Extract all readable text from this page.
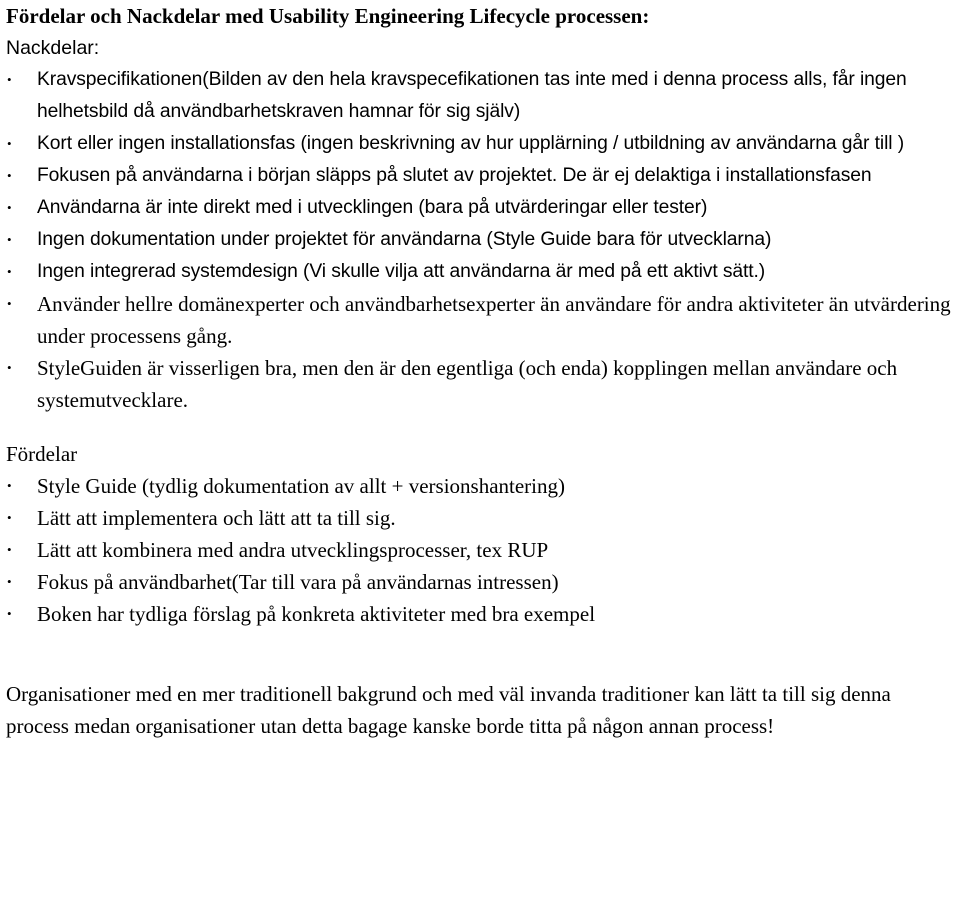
Fördelar och Nackdelar med Usability Engineering Lifecycle processen:

Nackdelar:

• Kravspecifikationen(Bilden av den hela kravspecefikationen tas inte med i denna process alls, får ingen helhetsbild då användbarhetskraven hamnar för sig själv)
• Kort eller ingen installationsfas (ingen beskrivning av hur upplärning / utbildning av användarna går till )
• Fokusen på användarna i början släpps på slutet av projektet. De är ej delaktiga i installationsfasen
• Användarna är inte direkt med i utvecklingen (bara på utvärderingar eller tester)
• Ingen dokumentation under projektet för användarna (Style Guide bara för utvecklarna)
• Ingen integrerad systemdesign (Vi skulle vilja att användarna är med på ett aktivt sätt.)
• Använder hellre domänexperter och användbarhetsexperter än användare för andra aktiviteter än utvärdering under processens gång.
• StyleGuiden är visserligen bra, men den är den egentliga (och enda) kopplingen mellan användare och systemutvecklare.

Fördelar

• Style Guide (tydlig dokumentation av allt + versionshantering)
• Lätt att implementera och lätt att ta till sig.
• Lätt att kombinera med andra utvecklingsprocesser, tex RUP
• Fokus på användbarhet(Tar till vara på användarnas intressen)
• Boken har tydliga förslag på konkreta aktiviteter med bra exempel

Organisationer med en mer traditionell bakgrund och med väl invanda traditioner kan lätt ta till sig denna process medan organisationer utan detta bagage kanske borde titta på någon annan process!
